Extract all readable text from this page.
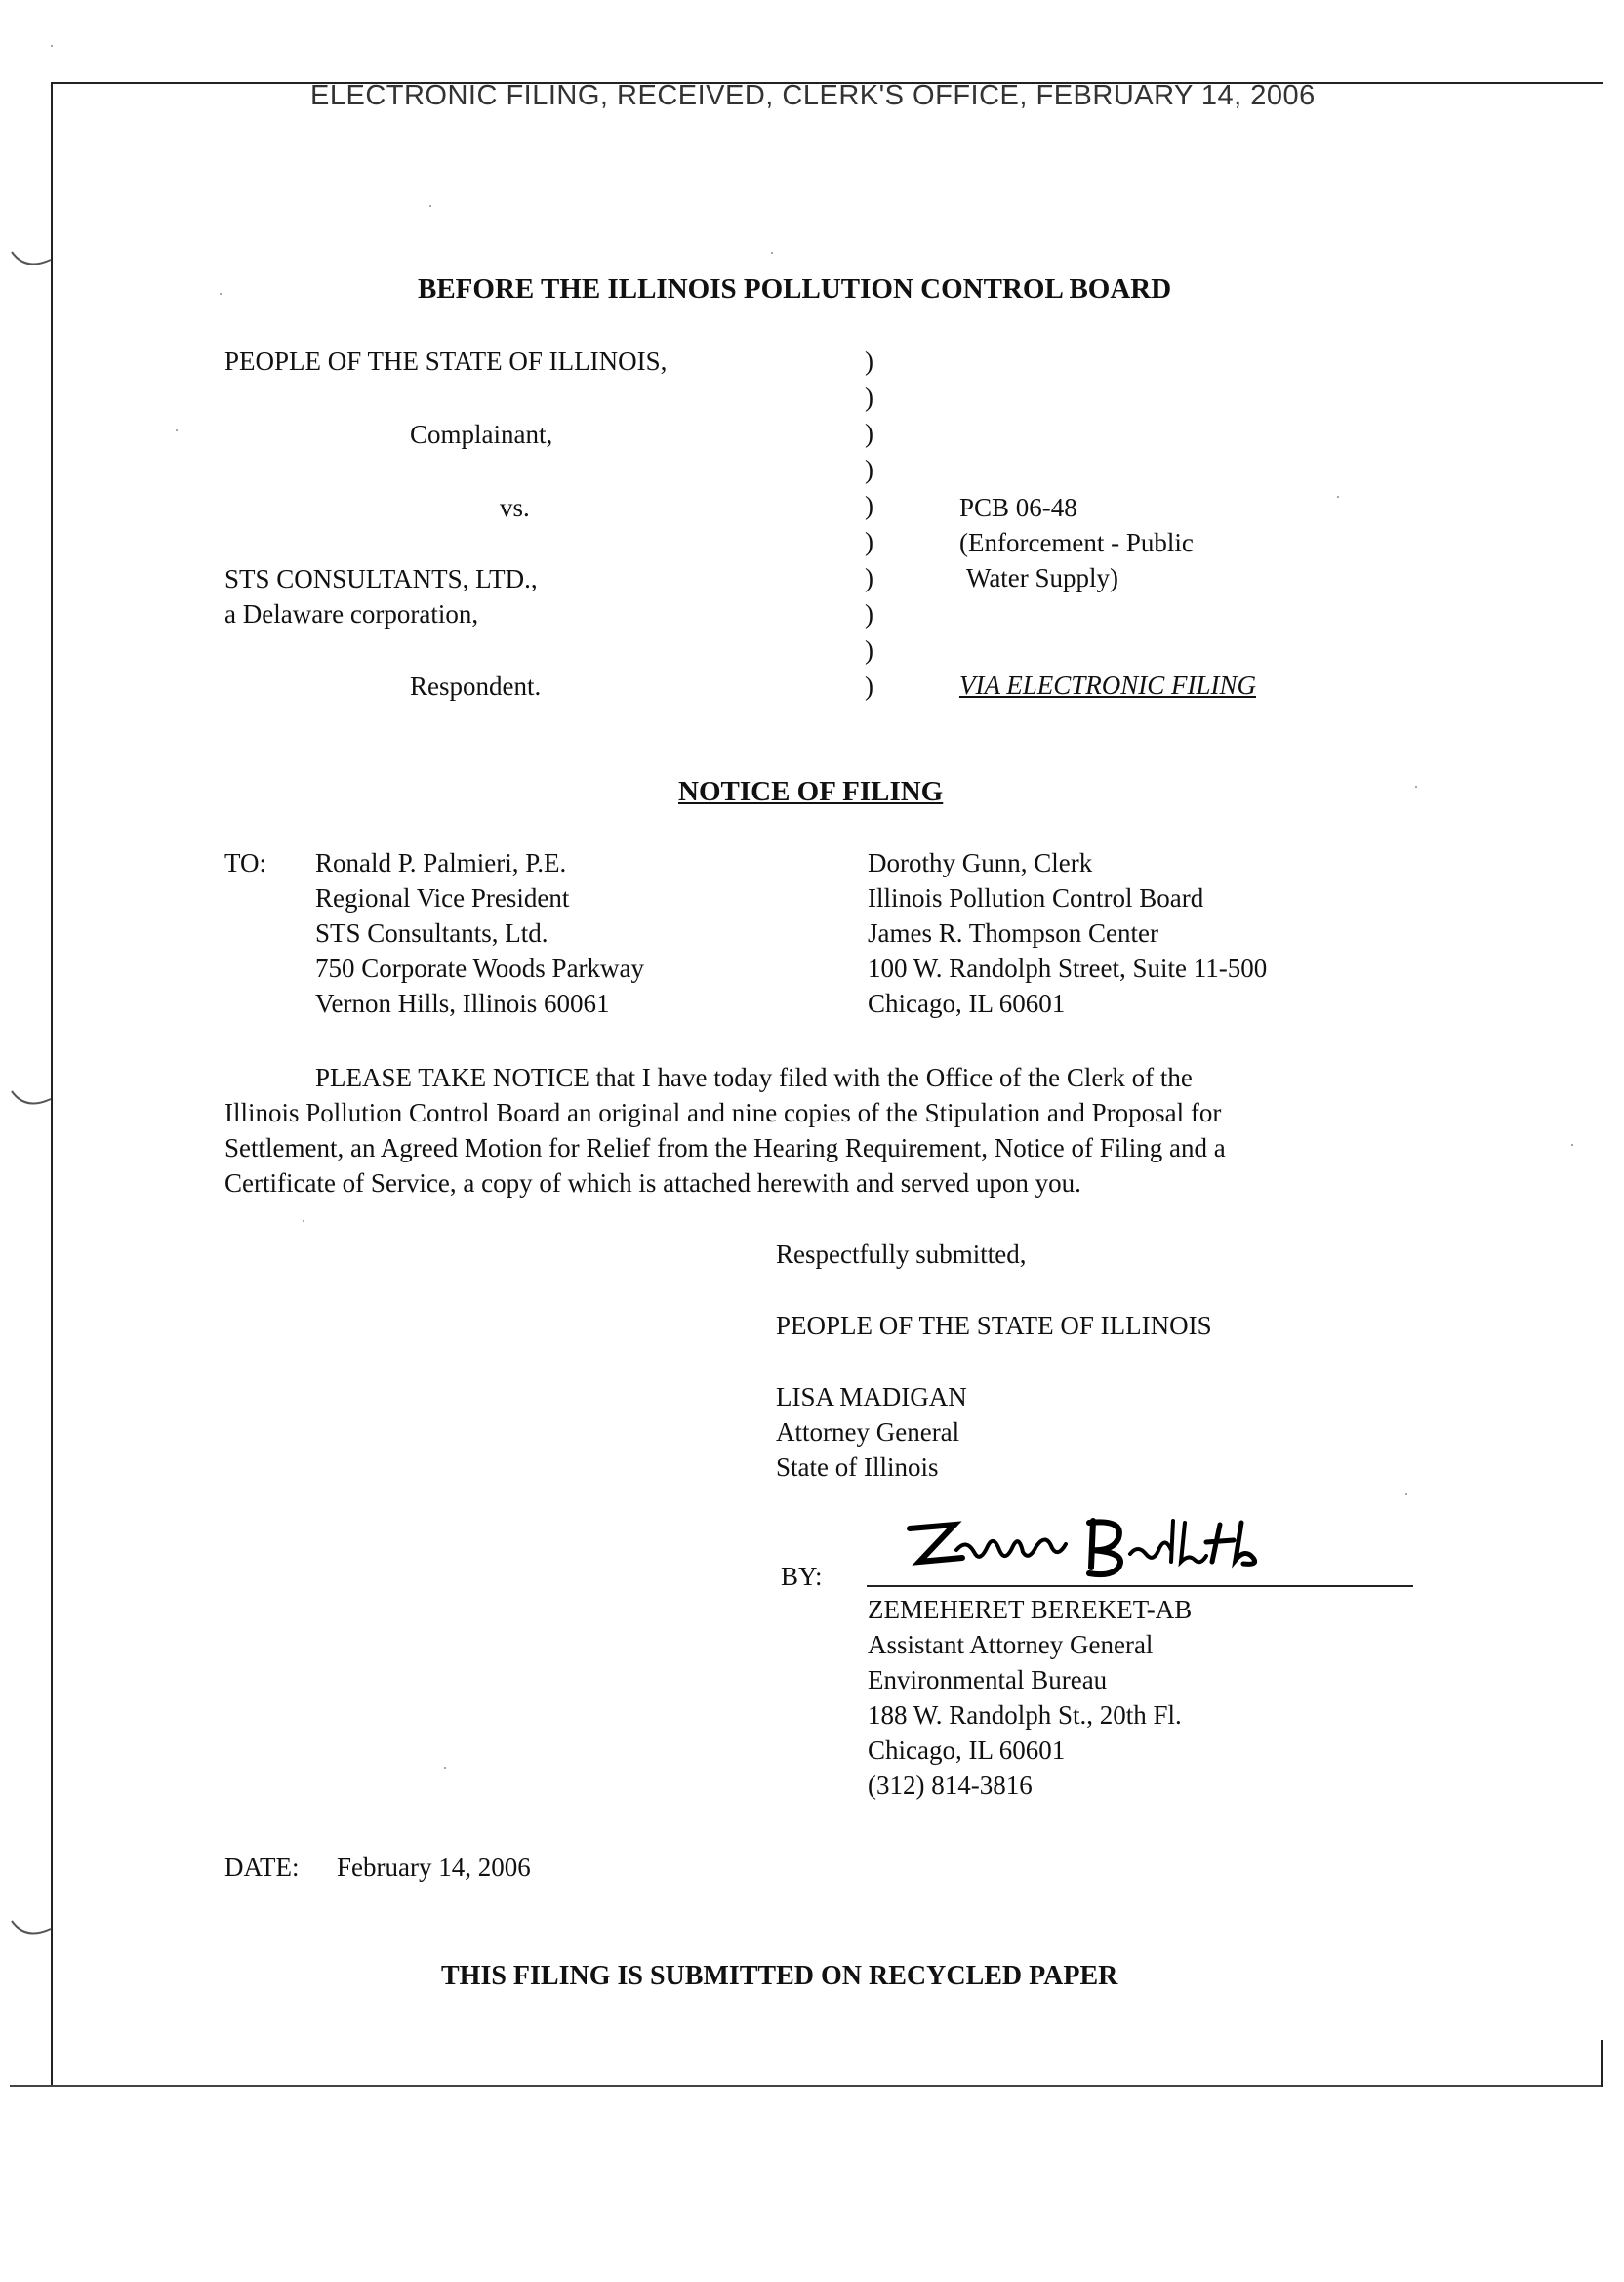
ELECTRONIC FILING, RECEIVED, CLERK'S OFFICE, FEBRUARY 14, 2006
BEFORE THE ILLINOIS POLLUTION CONTROL BOARD
PEOPLE OF THE STATE OF ILLINOIS,
Complainant,
vs.
STS CONSULTANTS, LTD.,
a Delaware corporation,
Respondent.
)
)
)
)
)
)
)
)
)
)
PCB 06-48
(Enforcement - Public
Water Supply)
VIA ELECTRONIC FILING
NOTICE OF FILING
TO: Ronald P. Palmieri, P.E.
Regional Vice President
STS Consultants, Ltd.
750 Corporate Woods Parkway
Vernon Hills, Illinois 60061
Dorothy Gunn, Clerk
Illinois Pollution Control Board
James R. Thompson Center
100 W. Randolph Street, Suite 11-500
Chicago, IL 60601
PLEASE TAKE NOTICE that I have today filed with the Office of the Clerk of the
Illinois Pollution Control Board an original and nine copies of the Stipulation and Proposal for
Settlement, an Agreed Motion for Relief from the Hearing Requirement, Notice of Filing and a
Certificate of Service, a copy of which is attached herewith and served upon you.
Respectfully submitted,
PEOPLE OF THE STATE OF ILLINOIS
LISA MADIGAN
Attorney General
State of Illinois
BY:
ZEMEHERET BEREKET-AB
Assistant Attorney General
Environmental Bureau
188 W. Randolph St., 20th Fl.
Chicago, IL 60601
(312) 814-3816
DATE: February 14, 2006
THIS FILING IS SUBMITTED ON RECYCLED PAPER
